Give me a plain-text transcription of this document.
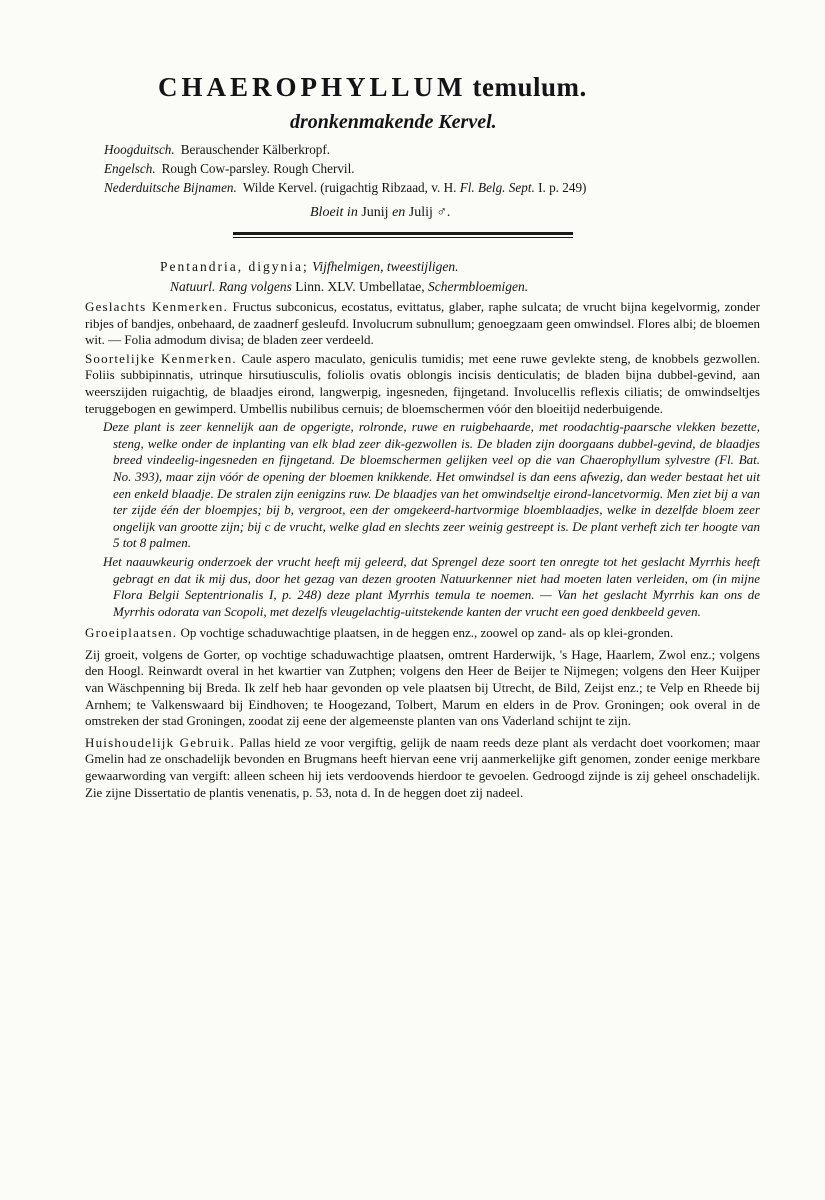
CHAEROPHYLLUM temulum.
dronkenmakende Kervel.
Hoogduitsch. Berauschender Kälberkropf.
Engelsch. Rough Cow-parsley. Rough Chervil.
Nederduitsche Bijnamen. Wilde Kervel. (ruigachtig Ribzaad, v. H. Fl. Belg. Sept. I. p. 249)
Bloeit in Junij en Julij ♂.
Pentandria, digynia; Vijfhelmigen, tweestijligen.
Natuurl. Rang volgens Linn. XLV. Umbellatae, Schermbloemigen.

Geslachts Kenmerken. Fructus subconicus, ecostatus, evittatus, glaber, raphe sulcata; de vrucht bijna kegelvormig, zonder ribjes of bandjes, onbehaard, de zaadnerf gesleufd. Involucrum subnullum; genoegzaam geen omwindsel. Flores albi; de bloemen wit. — Folia admodum divisa; de bladen zeer verdeeld.

Soortelijke Kenmerken. Caule aspero maculato, geniculis tumidis; met eene ruwe gevlekte steng, de knobbels gezwollen. Foliis subbipinnatis, utrinque hirsutiusculis, foliolis ovatis oblongis incisis denticulatis; de bladen bijna dubbel-gevind, aan weerszijden ruigachtig, de blaadjes eirond, langwerpig, ingesneden, fijngetand. Involucellis reflexis ciliatis; de omwindseltjes teruggebogen en gewimperd. Umbellis nubilibus cernuis; de bloemschermen vóór den bloeitijd nederbuigende.

Deze plant is zeer kennelijk aan de opgerigte, rolronde, ruwe en ruigbehaarde, met roodachtig-paarsche vlekken bezette, steng, welke onder de inplanting van elk blad zeer dik-gezwollen is. De bladen zijn doorgaans dubbel-gevind, de blaadjes breed vindeelig-ingesneden en fijngetand. De bloemschermen gelijken veel op die van Chaerophyllum sylvestre (Fl. Bat. No. 393), maar zijn vóór de opening der bloemen knikkende. Het omwindsel is dan eens afwezig, dan weder bestaat het uit een enkeld blaadje. De stralen zijn eenigzins ruw. De blaadjes van het omwindseltje eirond-lancetvormig. Men ziet bij a van ter zijde één der bloempjes; bij b, vergroot, een der omgekeerd-hartvormige bloemblaadjes, welke in dezelfde bloem zeer ongelijk van grootte zijn; bij c de vrucht, welke glad en slechts zeer weinig gestreept is. De plant verheft zich ter hoogte van 5 tot 8 palmen.

Het naauwkeurig onderzoek der vrucht heeft mij geleerd, dat Sprengel deze soort ten onregte tot het geslacht Myrrhis heeft gebragt en dat ik mij dus, door het gezag van dezen grooten Natuurkenner niet had moeten laten verleiden, om (in mijne Flora Belgii Septentrionalis I, p. 248) deze plant Myrrhis temula te noemen. — Van het geslacht Myrrhis kan ons de Myrrhis odorata van Scopoli, met dezelfs vleugelachtig-uitstekende kanten der vrucht een goed denkbeeld geven.

Groeiplaatsen. Op vochtige schaduwachtige plaatsen, in de heggen enz., zoowel op zand- als op klei-gronden.

Zij groeit, volgens de Gorter, op vochtige schaduwachtige plaatsen, omtrent Harderwijk, 's Hage, Haarlem, Zwol enz.; volgens den Hoogl. Reinwardt overal in het kwartier van Zutphen; volgens den Heer de Beijer te Nijmegen; volgens den Heer Kuijper van Wäschpenning bij Breda. Ik zelf heb haar gevonden op vele plaatsen bij Utrecht, de Bild, Zeijst enz.; te Velp en Rheede bij Arnhem; te Valkenswaard bij Eindhoven; te Hoogezand, Tolbert, Marum en elders in de Prov. Groningen; ook overal in de omstreken der stad Groningen, zoodat zij eene der algemeenste planten van ons Vaderland schijnt te zijn.

Huishoudelijk Gebruik. Pallas hield ze voor vergiftig, gelijk de naam reeds deze plant als verdacht doet voorkomen; maar Gmelin had ze onschadelijk bevonden en Brugmans heeft hiervan eene vrij aanmerkelijke gift genomen, zonder eenige merkbare gewaarwording van vergift: alleen scheen hij iets verdoovends hierdoor te gevoelen. Gedroogd zijnde is zij geheel onschadelijk. Zie zijne Dissertatio de plantis venenatis, p. 53, nota d. In de heggen doet zij nadeel.
